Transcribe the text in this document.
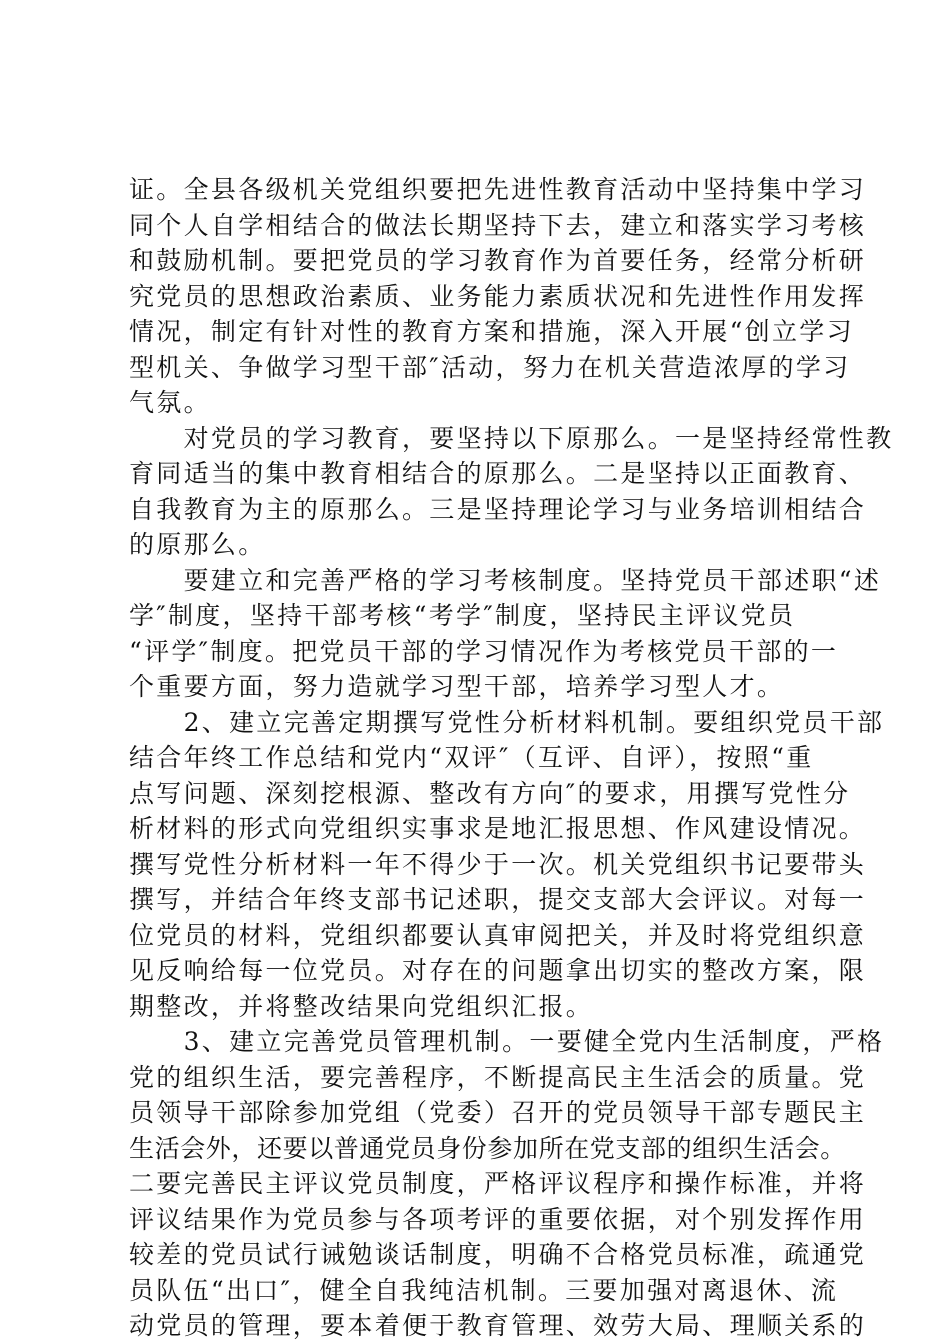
证。全县各级机关党组织要把先进性教育活动中坚持集中学习
同个人自学相结合的做法长期坚持下去，建立和落实学习考核
和鼓励机制。要把党员的学习教育作为首要任务，经常分析研
究党员的思想政治素质、业务能力素质状况和先进性作用发挥
情况，制定有针对性的教育方案和措施，深入开展“创立学习
型机关、争做学习型干部″活动，努力在机关营造浓厚的学习
气氛。
　　对党员的学习教育，要坚持以下原那么。一是坚持经常性教
育同适当的集中教育相结合的原那么。二是坚持以正面教育、
自我教育为主的原那么。三是坚持理论学习与业务培训相结合
的原那么。
　　要建立和完善严格的学习考核制度。坚持党员干部述职“述
学″制度，坚持干部考核“考学″制度，坚持民主评议党员
“评学″制度。把党员干部的学习情况作为考核党员干部的一
个重要方面，努力造就学习型干部，培养学习型人才。
　　2、建立完善定期撰写党性分析材料机制。要组织党员干部
结合年终工作总结和党内“双评″（互评、自评），按照“重
点写问题、深刻挖根源、整改有方向″的要求，用撰写党性分
析材料的形式向党组织实事求是地汇报思想、作风建设情况。
撰写党性分析材料一年不得少于一次。机关党组织书记要带头
撰写，并结合年终支部书记述职，提交支部大会评议。对每一
位党员的材料，党组织都要认真审阅把关，并及时将党组织意
见反响给每一位党员。对存在的问题拿出切实的整改方案，限
期整改，并将整改结果向党组织汇报。
　　3、建立完善党员管理机制。一要健全党内生活制度，严格
党的组织生活，要完善程序，不断提高民主生活会的质量。党
员领导干部除参加党组（党委）召开的党员领导干部专题民主
生活会外，还要以普通党员身份参加所在党支部的组织生活会。
二要完善民主评议党员制度，严格评议程序和操作标准，并将
评议结果作为党员参与各项考评的重要依据，对个别发挥作用
较差的党员试行诫勉谈话制度，明确不合格党员标准，疏通党
员队伍“出口″，健全自我纯洁机制。三要加强对离退休、流
动党员的管理，要本着便于教育管理、效劳大局、理顺关系的
